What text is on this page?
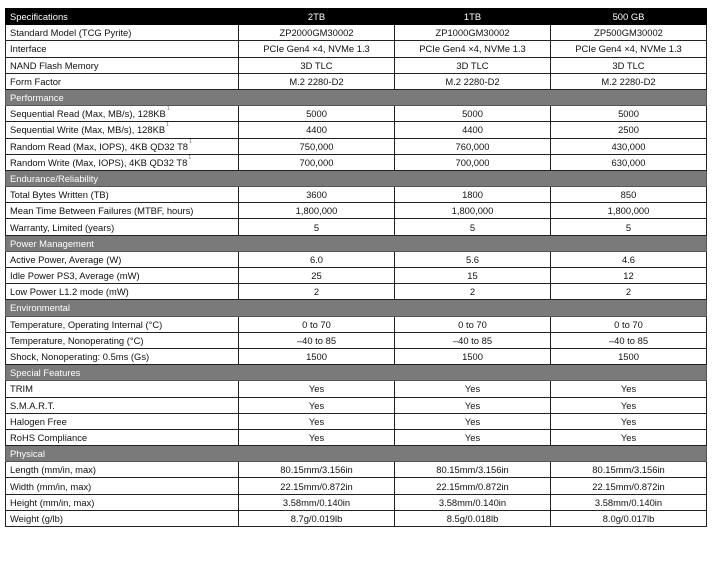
Specifications	2TB	1TB	500 GB
Standard Model (TCG Pyrite)	ZP2000GM30002	ZP1000GM30002	ZP500GM30002
Interface	PCIe Gen4 ×4, NVMe 1.3	PCIe Gen4 ×4, NVMe 1.3	PCIe Gen4 ×4, NVMe 1.3
NAND Flash Memory	3D TLC	3D TLC	3D TLC
Form Factor	M.2 2280-D2	M.2 2280-D2	M.2 2280-D2
Performance			
Sequential Read (Max, MB/s), $128KB^1$	5000	5000	5000
Sequential Write (Max, MB/s), $128KB^1$	4400	4400	2500
Random Read (Max, IOPS), 4KB QD32 $T8^1$	750,000	760,000	430,000
Random Write (Max, IOPS), 4KB QD32 $T8^1$	700,000	700,000	630,000
Endurance/Reliability			
Total Bytes Written (TB)	3600	1800	850
Mean Time Between Failures (MTBF, hours)	1,800,000	1,800,000	1,800,000
Warranty, Limited (years)	5	5	5
Power Management			
Active Power, Average (W)	6.0	5.6	4.6
Idle Power PS3, Average (mW)	25	15	12
Low Power L1.2 mode (mW)	2	2	2
Environmental			
Temperature, Operating Internal (°C)	0 to 70	0 to 70	0 to 70
Temperature, Nonoperating (°C)	–40 to 85	–40 to 85	–40 to 85
Shock, Nonoperating: 0.5ms (Gs)	1500	1500	1500
Special Features			
TRIM	Yes	Yes	Yes
S.M.A.R.T.	Yes	Yes	Yes
Halogen Free	Yes	Yes	Yes
RoHS Compliance	Yes	Yes	Yes
Physical			
Length (mm/in, max)	80.15mm/3.156in	80.15mm/3.156in	80.15mm/3.156in
Width (mm/in, max)	22.15mm/0.872in	22.15mm/0.872in	22.15mm/0.872in
Height (mm/in, max)	3.58mm/0.140in	3.58mm/0.140in	3.58mm/0.140in
Weight (g/lb)	8.7g/0.019lb	8.5g/0.018lb	8.0g/0.017lb
